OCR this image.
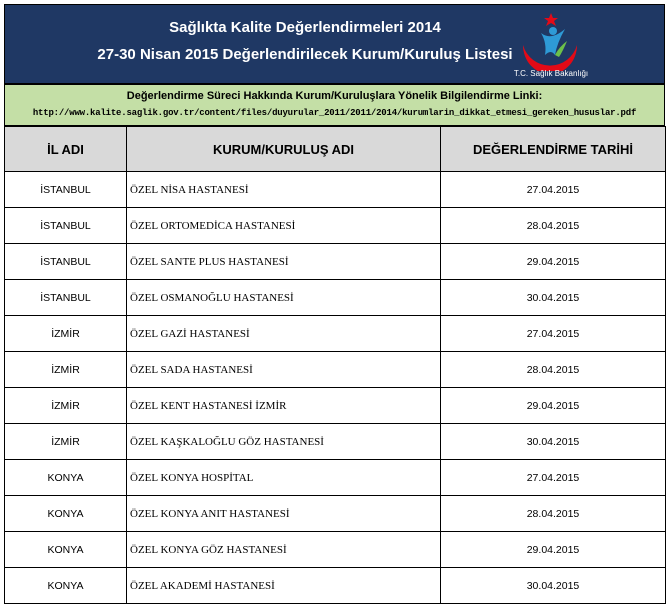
Sağlıkta Kalite Değerlendirmeleri 2014
27-30 Nisan 2015 Değerlendirilecek Kurum/Kuruluş Listesi
T.C. Sağlık Bakanlığı
Değerlendirme Süreci Hakkında Kurum/Kuruluşlara Yönelik Bilgilendirme Linki:
http://www.kalite.saglik.gov.tr/content/files/duyurular_2011/2011/2014/kurumlarin_dikkat_etmesi_gereken_hususlar.pdf
İL ADI	KURUM/KURULUŞ ADI	DEĞERLENDİRME TARİHİ
İSTANBUL	ÖZEL NİSA HASTANESİ	27.04.2015
İSTANBUL	ÖZEL ORTOMEDİCA HASTANESİ	28.04.2015
İSTANBUL	ÖZEL SANTE PLUS HASTANESİ	29.04.2015
İSTANBUL	ÖZEL OSMANOĞLU HASTANESİ	30.04.2015
İZMİR	ÖZEL GAZİ HASTANESİ	27.04.2015
İZMİR	ÖZEL SADA HASTANESİ	28.04.2015
İZMİR	ÖZEL KENT HASTANESİ İZMİR	29.04.2015
İZMİR	ÖZEL KAŞKALOĞLU GÖZ HASTANESİ	30.04.2015
KONYA	ÖZEL KONYA HOSPİTAL	27.04.2015
KONYA	ÖZEL KONYA ANIT HASTANESİ	28.04.2015
KONYA	ÖZEL KONYA GÖZ HASTANESİ	29.04.2015
KONYA	ÖZEL AKADEMİ HASTANESİ	30.04.2015
